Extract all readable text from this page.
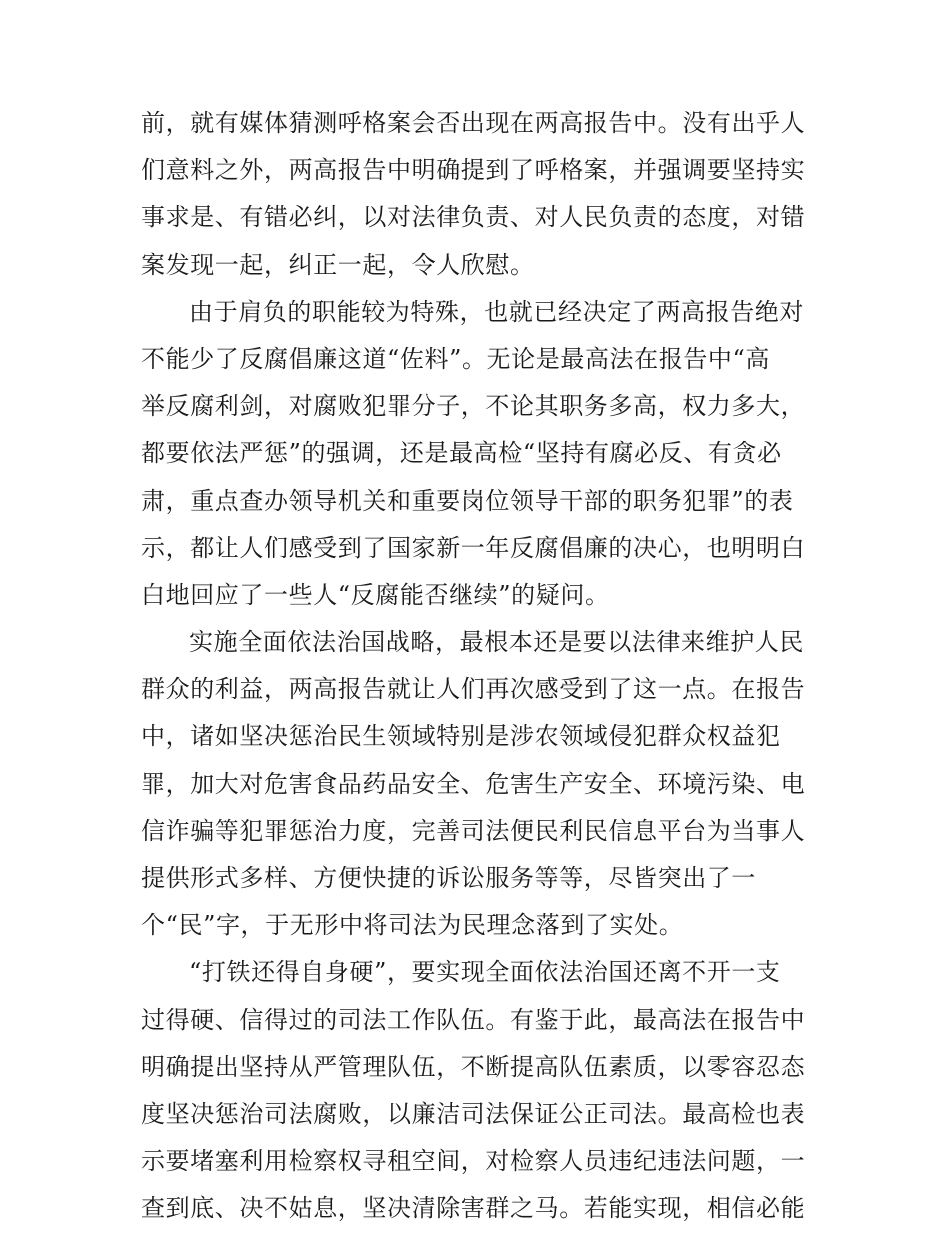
前，就有媒体猜测呼格案会否出现在两高报告中。没有出乎人
们意料之外，两高报告中明确提到了呼格案，并强调要坚持实
事求是、有错必纠，以对法律负责、对人民负责的态度，对错
案发现一起，纠正一起，令人欣慰。
由于肩负的职能较为特殊，也就已经决定了两高报告绝对
不能少了反腐倡廉这道“佐料”。无论是最高法在报告中“高
举反腐利剑，对腐败犯罪分子，不论其职务多高，权力多大，
都要依法严惩”的强调，还是最高检“坚持有腐必反、有贪必
肃，重点查办领导机关和重要岗位领导干部的职务犯罪”的表
示，都让人们感受到了国家新一年反腐倡廉的决心，也明明白
白地回应了一些人“反腐能否继续”的疑问。
实施全面依法治国战略，最根本还是要以法律来维护人民
群众的利益，两高报告就让人们再次感受到了这一点。在报告
中，诸如坚决惩治民生领域特别是涉农领域侵犯群众权益犯
罪，加大对危害食品药品安全、危害生产安全、环境污染、电
信诈骗等犯罪惩治力度，完善司法便民利民信息平台为当事人
提供形式多样、方便快捷的诉讼服务等等，尽皆突出了一
个“民”字，于无形中将司法为民理念落到了实处。
“打铁还得自身硬”，要实现全面依法治国还离不开一支
过得硬、信得过的司法工作队伍。有鉴于此，最高法在报告中
明确提出坚持从严管理队伍，不断提高队伍素质，以零容忍态
度坚决惩治司法腐败，以廉洁司法保证公正司法。最高检也表
示要堵塞利用检察权寻租空间，对检察人员违纪违法问题，一
查到底、决不姑息，坚决清除害群之马。若能实现，相信必能
